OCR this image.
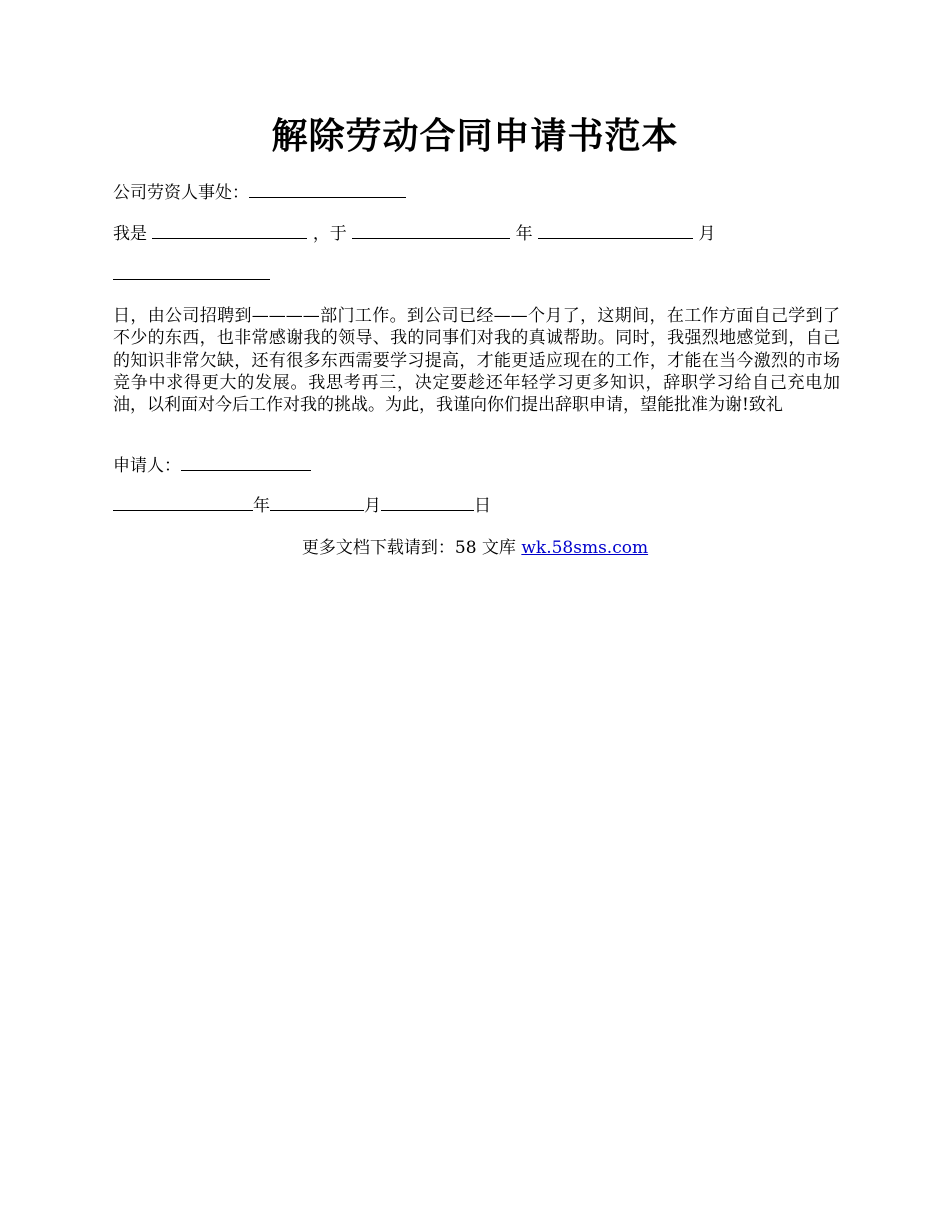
解除劳动合同申请书范本
公司劳资人事处：
我是	，于	年	月
日，由公司招聘到————部门工作。到公司已经——个月了，这期间，在工作方面自己学到了不少的东西，也非常感谢我的领导、我的同事们对我的真诚帮助。同时，我强烈地感觉到，自己的知识非常欠缺，还有很多东西需要学习提高，才能更适应现在的工作，才能在当今激烈的市场竞争中求得更大的发展。我思考再三，决定要趁还年轻学习更多知识，辞职学习给自己充电加油，以利面对今后工作对我的挑战。为此，我谨向你们提出辞职申请，望能批准为谢!致礼
申请人：
年	月	日
更多文档下载请到：58 文库 wk.58sms.com
